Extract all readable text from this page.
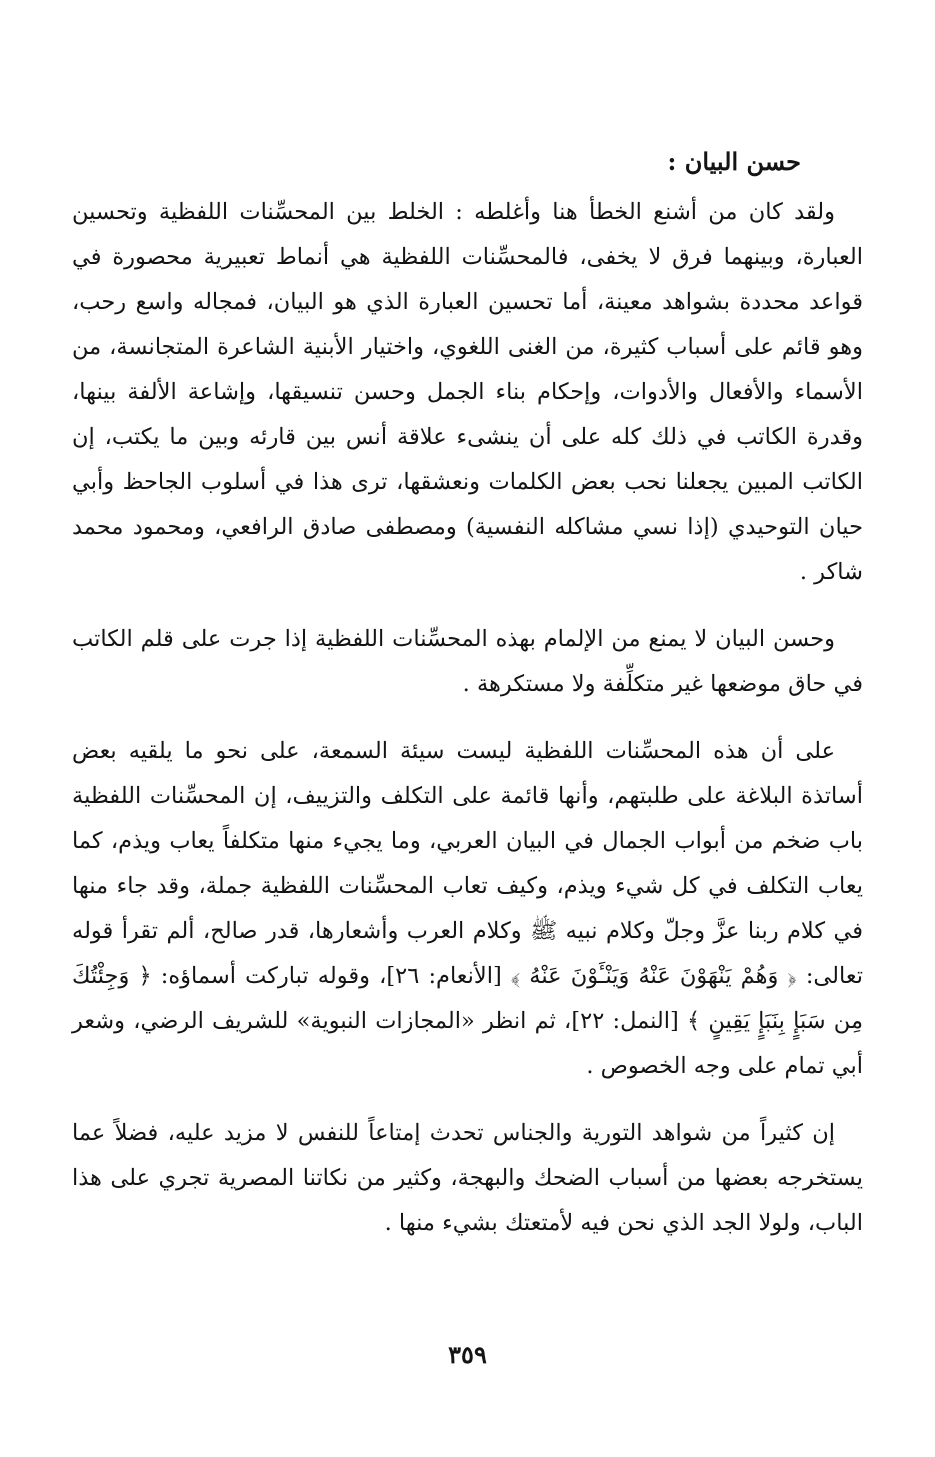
حسن البيان :

ولقد كان من أشنع الخطأ هنا وأغلطه : الخلط بين المحسِّنات اللفظية وتحسين العبارة، وبينهما فرق لا يخفى، فالمحسِّنات اللفظية هي أنماط تعبيرية محصورة في قواعد محددة بشواهد معينة، أما تحسين العبارة الذي هو البيان، فمجاله واسع رحب، وهو قائم على أسباب كثيرة، من الغنى اللغوي، واختيار الأبنية الشاعرة المتجانسة، من الأسماء والأفعال والأدوات، وإحكام بناء الجمل وحسن تنسيقها، وإشاعة الألفة بينها، وقدرة الكاتب في ذلك كله على أن ينشىء علاقة أنس بين قارئه وبين ما يكتب، إن الكاتب المبين يجعلنا نحب بعض الكلمات ونعشقها، ترى هذا في أسلوب الجاحظ وأبي حيان التوحيدي (إذا نسي مشاكله النفسية) ومصطفى صادق الرافعي، ومحمود محمد شاكر .

وحسن البيان لا يمنع من الإلمام بهذه المحسِّنات اللفظية إذا جرت على قلم الكاتب في حاق موضعها غير متكلِّفة ولا مستكرهة .

على أن هذه المحسِّنات اللفظية ليست سيئة السمعة، على نحو ما يلقيه بعض أساتذة البلاغة على طلبتهم، وأنها قائمة على التكلف والتزييف، إن المحسِّنات اللفظية باب ضخم من أبواب الجمال في البيان العربي، وما يجيء منها متكلفاً يعاب ويذم، كما يعاب التكلف في كل شيء ويذم، وكيف تعاب المحسِّنات اللفظية جملة، وقد جاء منها في كلام ربنا عزَّ وجلّ وكلام نبيه ﷺ وكلام العرب وأشعارها، قدر صالح، ألم تقرأ قوله تعالى: ﴿ وَهُمْ يَنْهَوْنَ عَنْهُ وَيَنْـَٔوْنَ عَنْهُ ﴾ [الأنعام: ٢٦]، وقوله تباركت أسماؤه: ﴿ وَجِئْتُكَ مِن سَبَإٍ بِنَبَإٍ يَقِينٍ ﴾ [النمل: ٢٢]، ثم انظر «المجازات النبوية» للشريف الرضي، وشعر أبي تمام على وجه الخصوص .

إن كثيراً من شواهد التورية والجناس تحدث إمتاعاً للنفس لا مزيد عليه، فضلاً عما يستخرجه بعضها من أسباب الضحك والبهجة، وكثير من نكاتنا المصرية تجري على هذا الباب، ولولا الجد الذي نحن فيه لأمتعتك بشيء منها .

٣٥٩
